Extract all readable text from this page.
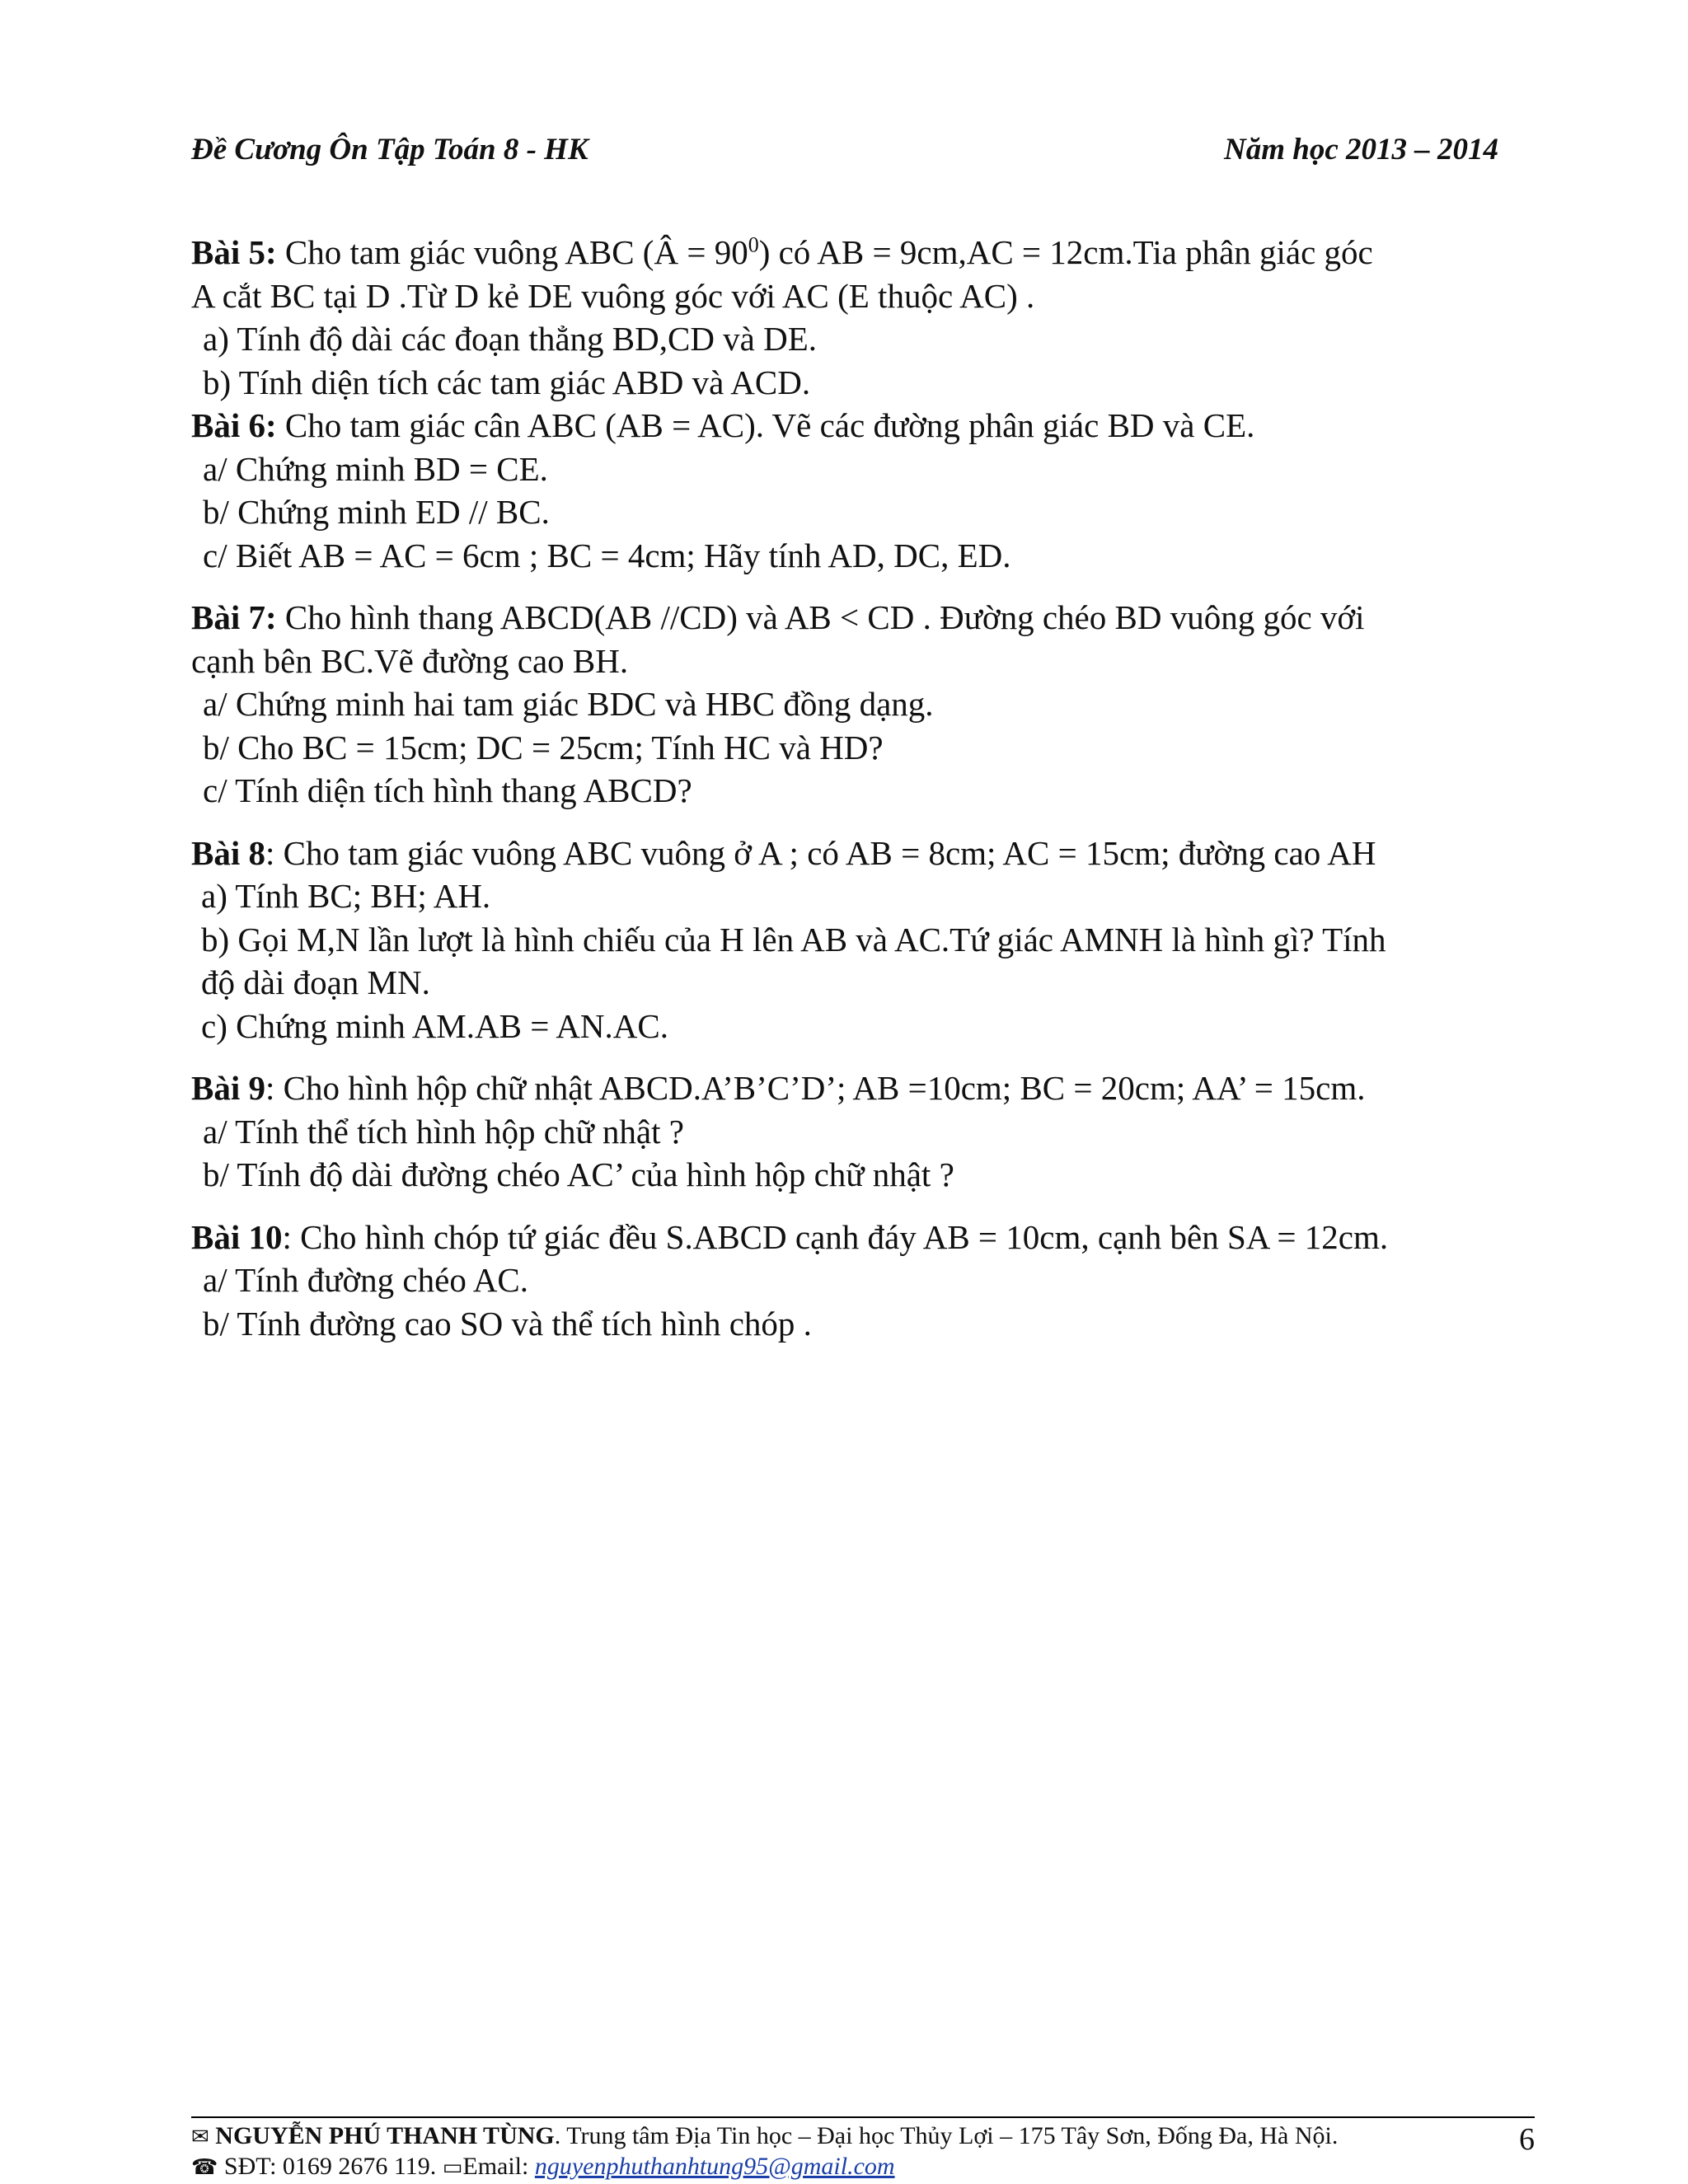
Đề Cương Ôn Tập Toán 8 - HK	Năm học 2013 – 2014

Bài 5: Cho tam giác vuông ABC (Â = $90^0$) có AB = 9cm,AC = 12cm.Tia phân giác góc

A cắt BC tại D .Từ D kẻ DE vuông góc với AC (E thuộc AC) .

a) Tính độ dài các đoạn thẳng BD,CD và DE.

b) Tính diện tích các tam giác ABD và ACD.

Bài 6: Cho tam giác cân ABC (AB = AC). Vẽ các đường phân giác BD và CE.

a/ Chứng minh BD = CE.

b/ Chứng minh ED // BC.

c/ Biết AB = AC = 6cm ; BC = 4cm; Hãy tính AD, DC, ED.

Bài 7: Cho hình thang ABCD(AB //CD) và AB < CD . Đường chéo BD vuông góc với

cạnh bên BC.Vẽ đường cao BH.

a/ Chứng minh hai tam giác BDC và HBC đồng dạng.

b/ Cho BC = 15cm; DC = 25cm; Tính HC và HD?

c/ Tính diện tích hình thang ABCD?

Bài 8: Cho tam giác vuông ABC vuông ở A ; có AB = 8cm; AC = 15cm; đường cao AH

a) Tính BC; BH; AH.

b) Gọi M,N lần lượt là hình chiếu của H lên AB và AC.Tứ giác AMNH là hình gì? Tính

độ dài đoạn MN.

c) Chứng minh AM.AB = AN.AC.

Bài 9: Cho hình hộp chữ nhật ABCD.A’B’C’D’; AB =10cm; BC = 20cm; AA’ = 15cm.

a/ Tính thể tích hình hộp chữ nhật ?

b/ Tính độ dài đường chéo AC’ của hình hộp chữ nhật ?

Bài 10: Cho hình chóp tứ giác đều S.ABCD cạnh đáy AB = 10cm, cạnh bên SA = 12cm.

a/ Tính đường chéo AC.

b/ Tính đường cao SO và thể tích hình chóp .

✉ NGUYỄN PHÚ THANH TÙNG. Trung tâm Địa Tin học – Đại học Thủy Lợi – 175 Tây Sơn, Đống Đa, Hà Nội.
☎ SĐT: 0169 2676 119. ▭Email: nguyenphuthanhtung95@gmail.com
6
